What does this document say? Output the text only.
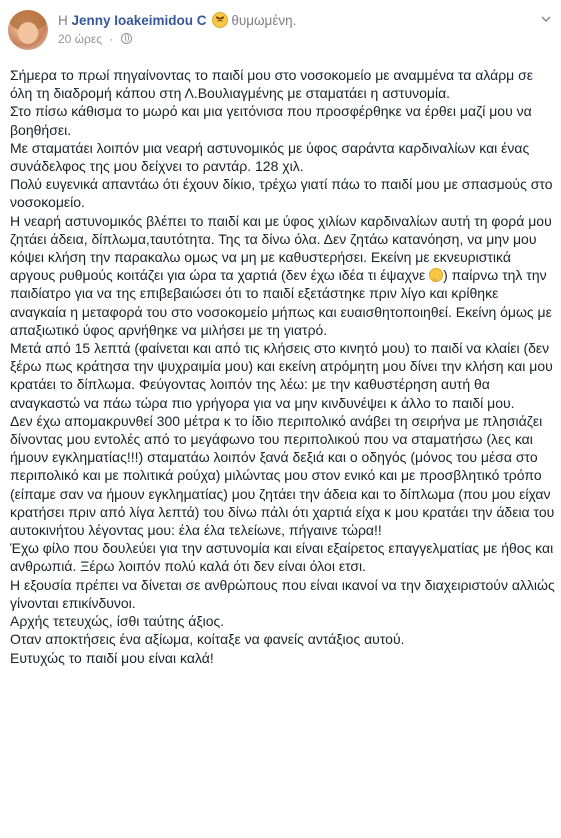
Η Jenny Ioakeimidou C θυμωμένη.
20 ώρες ·

Σήμερα το πρωί πηγαίνοντας το παιδί μου στο νοσοκομείο με αναμμένα τα αλάρμ σε όλη τη διαδρομή κάπου στη Λ.Βουλιαγμένης με σταματάει η αστυνομία.

Στο πίσω κάθισμα το μωρό και μια γειτόνισα που προσφέρθηκε να έρθει μαζί μου να βοηθήσει.

Με σταματάει λοιπόν μια νεαρή αστυνομικός με ύφος σαράντα καρδιναλίων και ένας συνάδελφος της μου δείχνει το ραντάρ. 128 χιλ.

Πολύ ευγενικά απαντάω ότι έχουν δίκιο, τρέχω γιατί πάω το παιδί μου με σπασμούς στο νοσοκομείο.

Η νεαρή αστυνομικός βλέπει το παιδί και με ύφος χιλίων καρδιναλίων αυτή τη φορά μου ζητάει άδεια, δίπλωμα,ταυτότητα. Της τα δίνω όλα. Δεν ζητάω κατανόηση, να μην μου κόψει κλήση την παρακαλω ομως να μη με καθυστερήσει. Εκείνη με εκνευριστικά αργους ρυθμούς κοιτάζει για ώρα τα χαρτιά (δεν έχω ιδέα τι έψαχνε ) παίρνω τηλ την παιδίατρο για να της επιβεβαιώσει ότι το παιδί εξετάστηκε πριν λίγο και κρίθηκε αναγκαία η μεταφορά του στο νοσοκομείο μήπως και ευαισθητοποιηθεί. Εκείνη όμως με απαξιωτικό ύφος αρνήθηκε να μιλήσει με τη γιατρό.

Μετά από 15 λεπτά (φαίνεται και από τις κλήσεις στο κινητό μου) το παιδί να κλαίει (δεν ξέρω πως κράτησα την ψυχραιμία μου) και εκείνη ατρόμητη μου δίνει την κλήση και μου κρατάει το δίπλωμα. Φεύγοντας λοιπόν της λέω: με την καθυστέρηση αυτή θα αναγκαστώ να πάω τώρα πιο γρήγορα για να μην κινδυνέψει κ άλλο το παιδί μου.

Δεν έχω απομακρυνθεί 300 μέτρα κ το ίδιο περιπολικό ανάβει τη σειρήνα με πλησιάζει δίνοντας μου εντολές από το μεγάφωνο του περιπολικού που να σταματήσω (λες και ήμουν εγκληματίας!!!) σταματάω λοιπόν ξανά δεξιά και ο οδηγός (μόνος του μέσα στο περιπολικό και με πολιτικά ρούχα) μιλώντας μου στον ενικό και με προσβλητικό τρόπο (είπαμε σαν να ήμουν εγκληματίας) μου ζητάει την άδεια και το δίπλωμα (που μου είχαν κρατήσει πριν από λίγα λεπτά) του δίνω πάλι ότι χαρτιά είχα κ μου κρατάει την άδεια του αυτοκινήτου λέγοντας μου: έλα έλα τελείωνε, πήγαινε τώρα!!

Έχω φίλο που δουλεύει για την αστυνομία και είναι εξαίρετος επαγγελματίας με ήθος και ανθρωπιά. Ξέρω λοιπόν πολύ καλά ότι δεν είναι όλοι ετσι.

Η εξουσία πρέπει να δίνεται σε ανθρώπους που είναι ικανοί να την διαχειριστούν αλλιώς γίνονται επικίνδυνοι.

Αρχής τετευχώς, ίσθι ταύτης άξιος.

Οταν αποκτήσεις ένα αξίωμα, κοίταξε να φανείς αντάξιος αυτού.

Ευτυχώς το παιδί μου είναι καλά!
